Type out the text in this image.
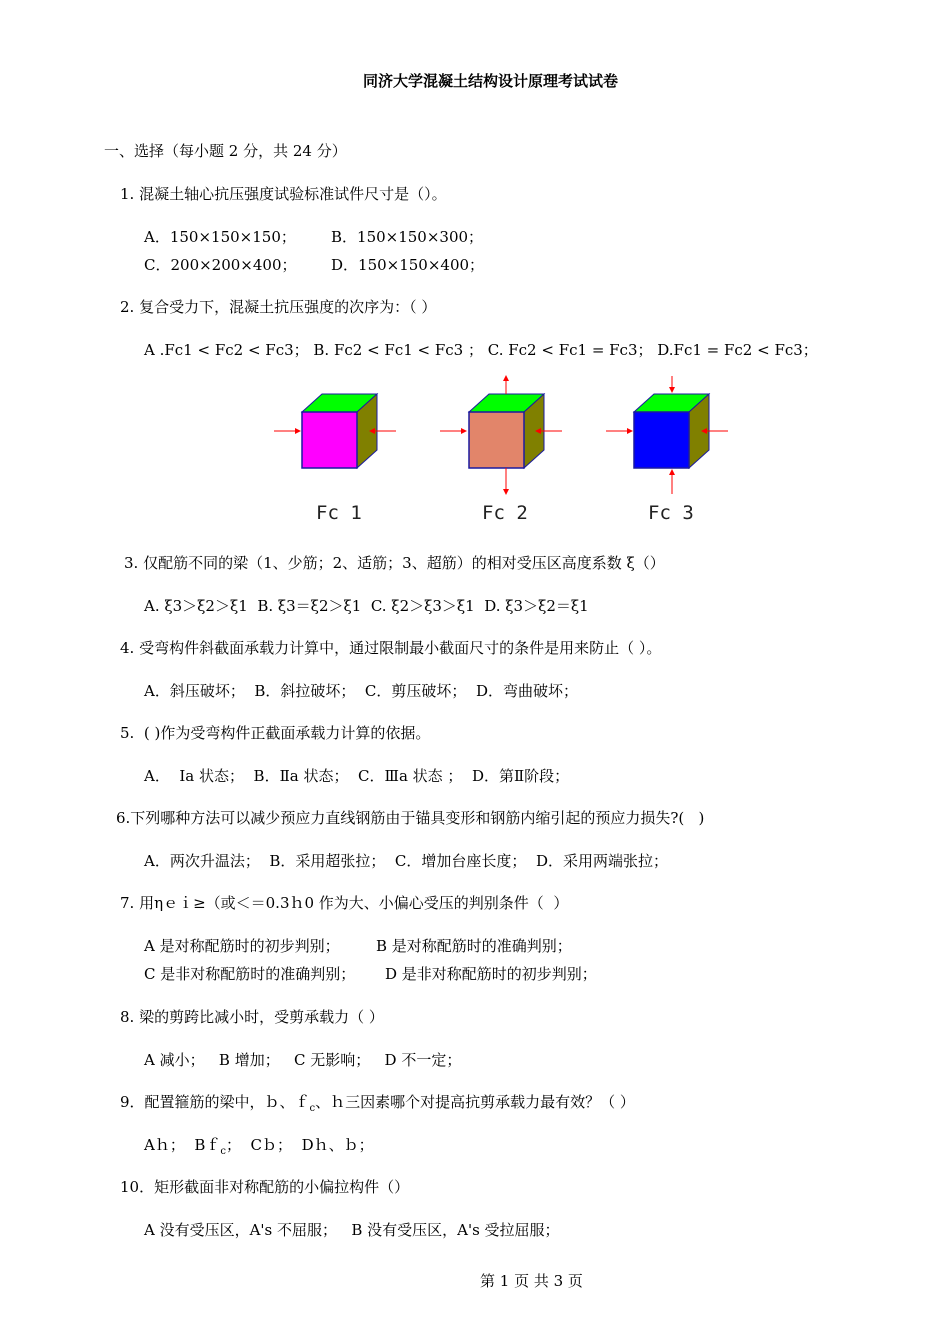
同济大学混凝土结构设计原理考试试卷
一、选择（每小题 2 分，共 24 分）
1. 混凝土轴心抗压强度试验标准试件尺寸是（）。
A．150×150×150； B．150×150×300；
C．200×200×400； D．150×150×400；
2. 复合受力下，混凝土抗压强度的次序为：（ ）
A .Fc1 < Fc2 < Fc3； B. Fc2 < Fc1 < Fc3 ； C. Fc2 < Fc1 = Fc3； D.Fc1 = Fc2 < Fc3；
Fc 1	Fc 2	Fc 3
3. 仅配筋不同的梁（1、少筋；2、适筋；3、超筋）的相对受压区高度系数 ξ（）
A. ξ3＞ξ2＞ξ1  B. ξ3＝ξ2＞ξ1  C. ξ2＞ξ3＞ξ1  D. ξ3＞ξ2＝ξ1
4. 受弯构件斜截面承载力计算中，通过限制最小截面尺寸的条件是用来防止（ ）。
A．斜压破坏；  B．斜拉破坏；  C．剪压破坏；  D．弯曲破坏；
5.  ( )作为受弯构件正截面承载力计算的依据。
A．  Ⅰa 状态；  B．Ⅱa 状态；  C．Ⅲa 状态 ；  D．第Ⅱ阶段；
6.下列哪种方法可以减少预应力直线钢筋由于锚具变形和钢筋内缩引起的预应力损失?(   )
A．两次升温法；  B．采用超张拉；  C．增加台座长度；  D．采用两端张拉；
7. 用ηｅｉ≥（或＜＝0.3ｈ0 作为大、小偏心受压的判别条件（  ）
A 是对称配筋时的初步判别； B 是对称配筋时的准确判别；
C 是非对称配筋时的准确判别； D 是非对称配筋时的初步判别；
8. 梁的剪跨比减小时，受剪承载力（ ）
A 减小；   B 增加；   C 无影响；   D 不一定；
9．配置箍筋的梁中，ｂ、ｆ$_c$、ｈ三因素哪个对提高抗剪承载力最有效？（ ）
Aｈ；  Bｆ$_c$；  Cｂ；  Dｈ、ｂ；
10．矩形截面非对称配筋的小偏拉构件（）
A 没有受压区，A's 不屈服；   B 没有受压区，A's 受拉屈服；
第 1 页 共 3 页
